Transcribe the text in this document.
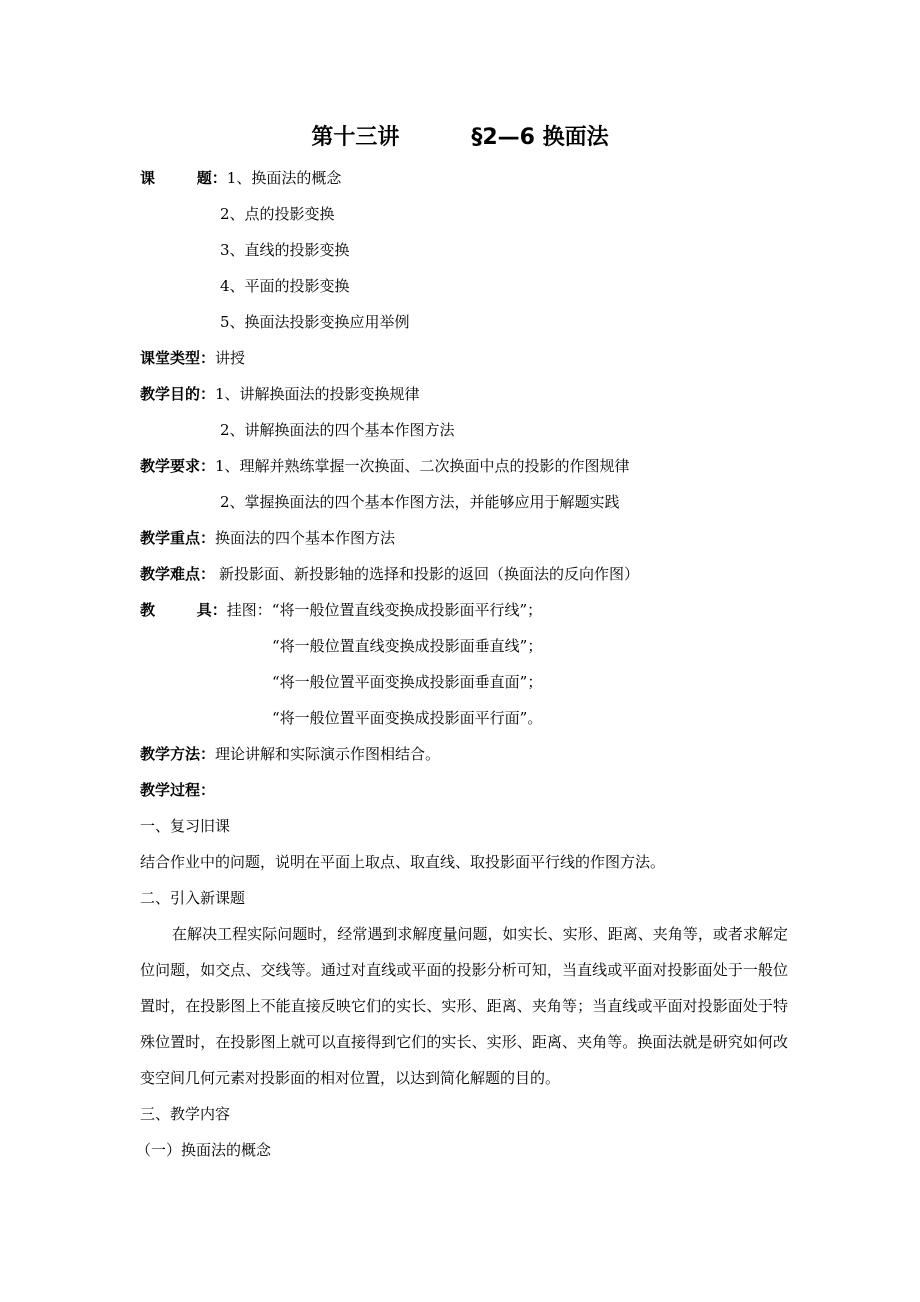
第十三讲	§2—6 换面法
课        题：1、换面法的概念
2、点的投影变换
3、直线的投影变换
4、平面的投影变换
5、换面法投影变换应用举例
课堂类型：讲授
教学目的：1、讲解换面法的投影变换规律
2、讲解换面法的四个基本作图方法
教学要求：1、理解并熟练掌握一次换面、二次换面中点的投影的作图规律
2、掌握换面法的四个基本作图方法，并能够应用于解题实践
教学重点：换面法的四个基本作图方法
教学难点： 新投影面、新投影轴的选择和投影的返回（换面法的反向作图）
教        具：挂图：“将一般位置直线变换成投影面平行线”；
“将一般位置直线变换成投影面垂直线”；
“将一般位置平面变换成投影面垂直面”；
“将一般位置平面变换成投影面平行面”。
教学方法：理论讲解和实际演示作图相结合。
教学过程：
一、复习旧课
结合作业中的问题，说明在平面上取点、取直线、取投影面平行线的作图方法。
二、引入新课题
在解决工程实际问题时，经常遇到求解度量问题，如实长、实形、距离、夹角等，或者求解定位问题，如交点、交线等。通过对直线或平面的投影分析可知，当直线或平面对投影面处于一般位置时，在投影图上不能直接反映它们的实长、实形、距离、夹角等；当直线或平面对投影面处于特殊位置时，在投影图上就可以直接得到它们的实长、实形、距离、夹角等。换面法就是研究如何改变空间几何元素对投影面的相对位置，以达到简化解题的目的。
三、教学内容
（一）换面法的概念
